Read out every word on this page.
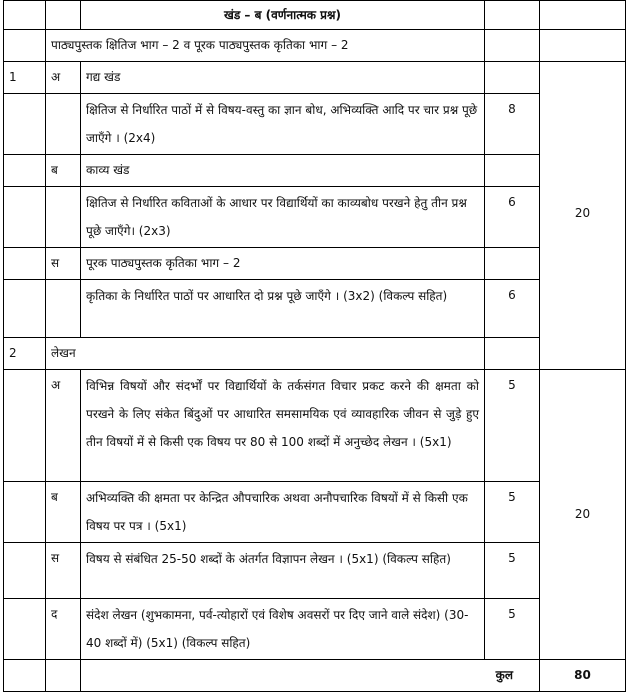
		खंड – ब (वर्णनात्मक प्रश्न)		
	पाठ्यपुस्तक क्षितिज भाग – 2 व पूरक पाठ्यपुस्तक कृतिका भाग – 2			
1	अ	गद्य खंड		20
		क्षितिज से निर्धारित पाठों में से विषय-वस्तु का ज्ञान बोध, अभिव्यक्ति आदि पर चार प्रश्न पूछे जाएँगे । (2x4)	8	
	ब	काव्य खंड		
		क्षितिज से निर्धारित कविताओं के आधार पर विद्यार्थियों का काव्यबोध परखने हेतु तीन प्रश्न पूछे जाएँगे। (2x3)	6	
	स	पूरक पाठ्यपुस्तक कृतिका भाग – 2		
		कृतिका के निर्धारित पाठों पर आधारित दो प्रश्न पूछे जाएँगे । (3x2) (विकल्प सहित)	6	
2	लेखन			
	अ	विभिन्न विषयों और संदर्भों पर विद्यार्थियों के तर्कसंगत विचार प्रकट करने की क्षमता को परखने के लिए संकेत बिंदुओं पर आधारित समसामयिक एवं व्यावहारिक जीवन से जुड़े हुए तीन विषयों में से किसी एक विषय पर 80 से 100 शब्दों में अनुच्छेद लेखन । (5x1)	5	20
	ब	अभिव्यक्ति की क्षमता पर केन्द्रित औपचारिक अथवा अनौपचारिक विषयों में से किसी एक विषय पर पत्र । (5x1)	5	
	स	विषय से संबंधित 25-50 शब्दों के अंतर्गत विज्ञापन लेखन । (5x1) (विकल्प सहित)	5	
	द	संदेश लेखन (शुभकामना, पर्व-त्योहारों एवं विशेष अवसरों पर दिए जाने वाले संदेश) (30-40 शब्दों में) (5x1) (विकल्प सहित)	5	
		कुल		80
